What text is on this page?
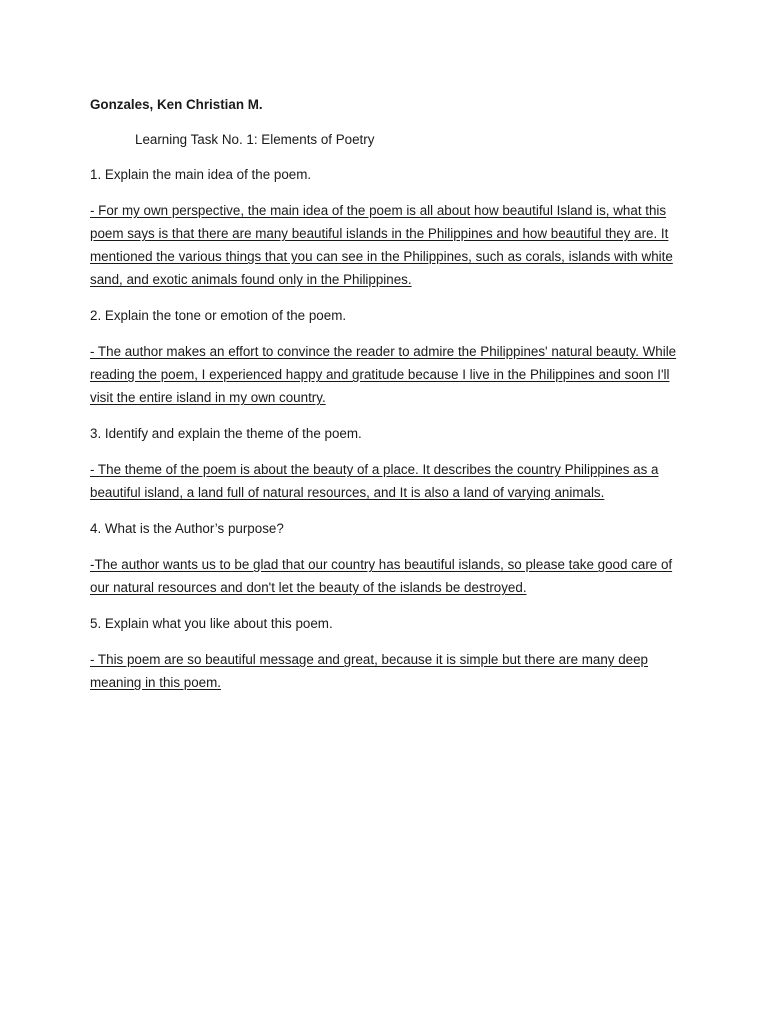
Gonzales, Ken Christian M.

Learning Task No. 1: Elements of Poetry

1. Explain the main idea of the poem.

- For my own perspective, the main idea of the poem is all about how beautiful Island is, what this poem says is that there are many beautiful islands in the Philippines and how beautiful they are. It mentioned the various things that you can see in the Philippines, such as corals, islands with white sand, and exotic animals found only in the Philippines.

2. Explain the tone or emotion of the poem.

- The author makes an effort to convince the reader to admire the Philippines' natural beauty. While reading the poem, I experienced happy and gratitude because I live in the Philippines and soon I'll visit the entire island in my own country.

3. Identify and explain the theme of the poem.

- The theme of the poem is about the beauty of a place. It describes the country Philippines as a beautiful island, a land full of natural resources, and It is also a land of varying animals.

4. What is the Author’s purpose?

-The author wants us to be glad that our country has beautiful islands, so please take good care of our natural resources and don't let the beauty of the islands be destroyed.

5. Explain what you like about this poem.

- This poem are so beautiful message and great, because it is simple but there are many deep meaning in this poem.
